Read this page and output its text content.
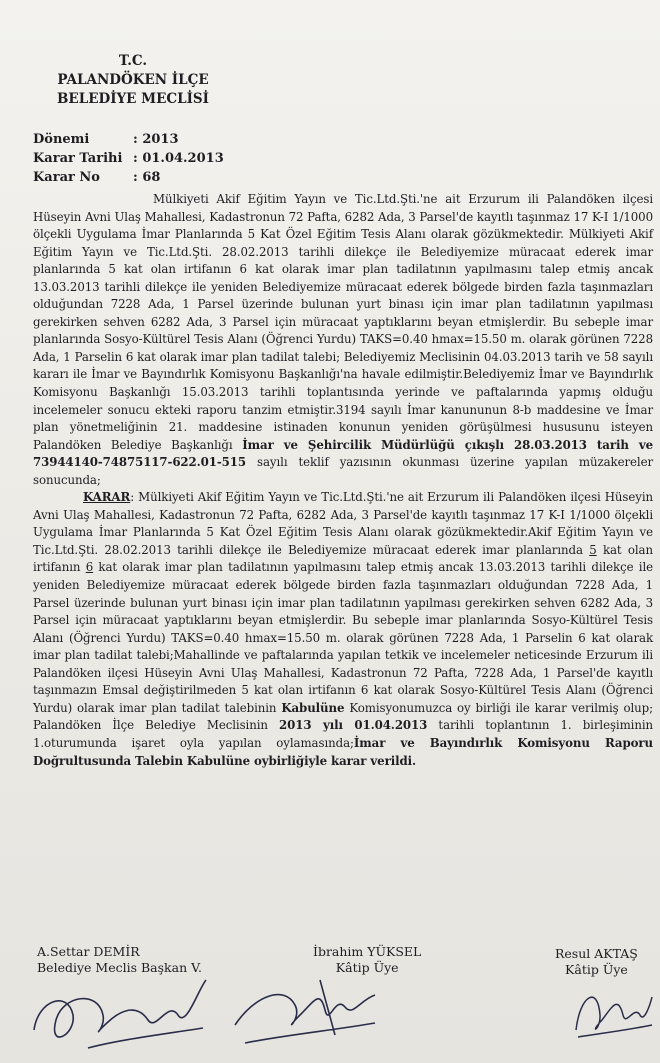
T.C.
PALANDÖKEN İLÇE
BELEDİYE MECLİSİ
Dönemi	: 2013
Karar Tarihi : 01.04.2013
Karar No	: 68

Mülkiyeti Akif Eğitim Yayın ve Tic.Ltd.Şti.'ne ait Erzurum ili Palandöken ilçesi Hüseyin Avni Ulaş Mahallesi, Kadastronun 72 Pafta, 6282 Ada, 3 Parsel'de kayıtlı taşınmaz 17 K-I 1/1000 ölçekli Uygulama İmar Planlarında 5 Kat Özel Eğitim Tesis Alanı olarak gözükmektedir. Mülkiyeti Akif Eğitim Yayın ve Tic.Ltd.Şti. 28.02.2013 tarihli dilekçe ile Belediyemize müracaat ederek imar planlarında 5 kat olan irtifanın 6 kat olarak imar plan tadilatının yapılmasını talep etmiş ancak 13.03.2013 tarihli dilekçe ile yeniden Belediyemize müracaat ederek bölgede birden fazla taşınmazları olduğundan 7228 Ada, 1 Parsel üzerinde bulunan yurt binası için imar plan tadilatının yapılması gerekirken sehven 6282 Ada, 3 Parsel için müracaat yaptıklarını beyan etmişlerdir. Bu sebeple imar planlarında Sosyo-Kültürel Tesis Alanı (Öğrenci Yurdu) TAKS=0.40 hmax=15.50 m. olarak görünen 7228 Ada, 1 Parselin 6 kat olarak imar plan tadilat talebi; Belediyemiz Meclisinin 04.03.2013 tarih ve 58 sayılı kararı ile İmar ve Bayındırlık Komisyonu Başkanlığı'na havale edilmiştir.Belediyemiz İmar ve Bayındırlık Komisyonu Başkanlığı 15.03.2013 tarihli toplantısında yerinde ve paftalarında yapmış olduğu incelemeler sonucu ekteki raporu tanzim etmiştir.3194 sayılı İmar kanununun 8-b maddesine ve İmar plan yönetmeliğinin 21. maddesine istinaden konunun yeniden görüşülmesi hususunu isteyen Palandöken Belediye Başkanlığı İmar ve Şehircilik Müdürlüğü çıkışlı 28.03.2013 tarih ve 73944140-74875117-622.01-515 sayılı teklif yazısının okunması üzerine yapılan müzakereler sonucunda;

KARAR: Mülkiyeti Akif Eğitim Yayın ve Tic.Ltd.Şti.'ne ait Erzurum ili Palandöken ilçesi Hüseyin Avni Ulaş Mahallesi, Kadastronun 72 Pafta, 6282 Ada, 3 Parsel'de kayıtlı taşınmaz 17 K-I 1/1000 ölçekli Uygulama İmar Planlarında 5 Kat Özel Eğitim Tesis Alanı olarak gözükmektedir.Akif Eğitim Yayın ve Tic.Ltd.Şti. 28.02.2013 tarihli dilekçe ile Belediyemize müracaat ederek imar planlarında 5 kat olan irtifanın 6 kat olarak imar plan tadilatının yapılmasını talep etmiş ancak 13.03.2013 tarihli dilekçe ile yeniden Belediyemize müracaat ederek bölgede birden fazla taşınmazları olduğundan 7228 Ada, 1 Parsel üzerinde bulunan yurt binası için imar plan tadilatının yapılması gerekirken sehven 6282 Ada, 3 Parsel için müracaat yaptıklarını beyan etmişlerdir. Bu sebeple imar planlarında Sosyo-Kültürel Tesis Alanı (Öğrenci Yurdu) TAKS=0.40 hmax=15.50 m. olarak görünen 7228 Ada, 1 Parselin 6 kat olarak imar plan tadilat talebi;Mahallinde ve paftalarında yapılan tetkik ve incelemeler neticesinde Erzurum ili Palandöken ilçesi Hüseyin Avni Ulaş Mahallesi, Kadastronun 72 Pafta, 7228 Ada, 1 Parsel'de kayıtlı taşınmazın Emsal değiştirilmeden 5 kat olan irtifanın 6 kat olarak Sosyo-Kültürel Tesis Alanı (Öğrenci Yurdu) olarak imar plan tadilat talebinin Kabulüne Komisyonumuzca oy birliği ile karar verilmiş olup; Palandöken İlçe Belediye Meclisinin 2013 yılı 01.04.2013 tarihli toplantının 1. birleşiminin 1.oturumunda işaret oyla yapılan oylamasında;İmar ve Bayındırlık Komisyonu Raporu Doğrultusunda Talebin Kabulüne oybirliğiyle karar verildi.

A.Settar DEMİR
Belediye Meclis Başkan V.
İbrahim YÜKSEL
Kâtip Üye
Resul AKTAŞ
Kâtip Üye
